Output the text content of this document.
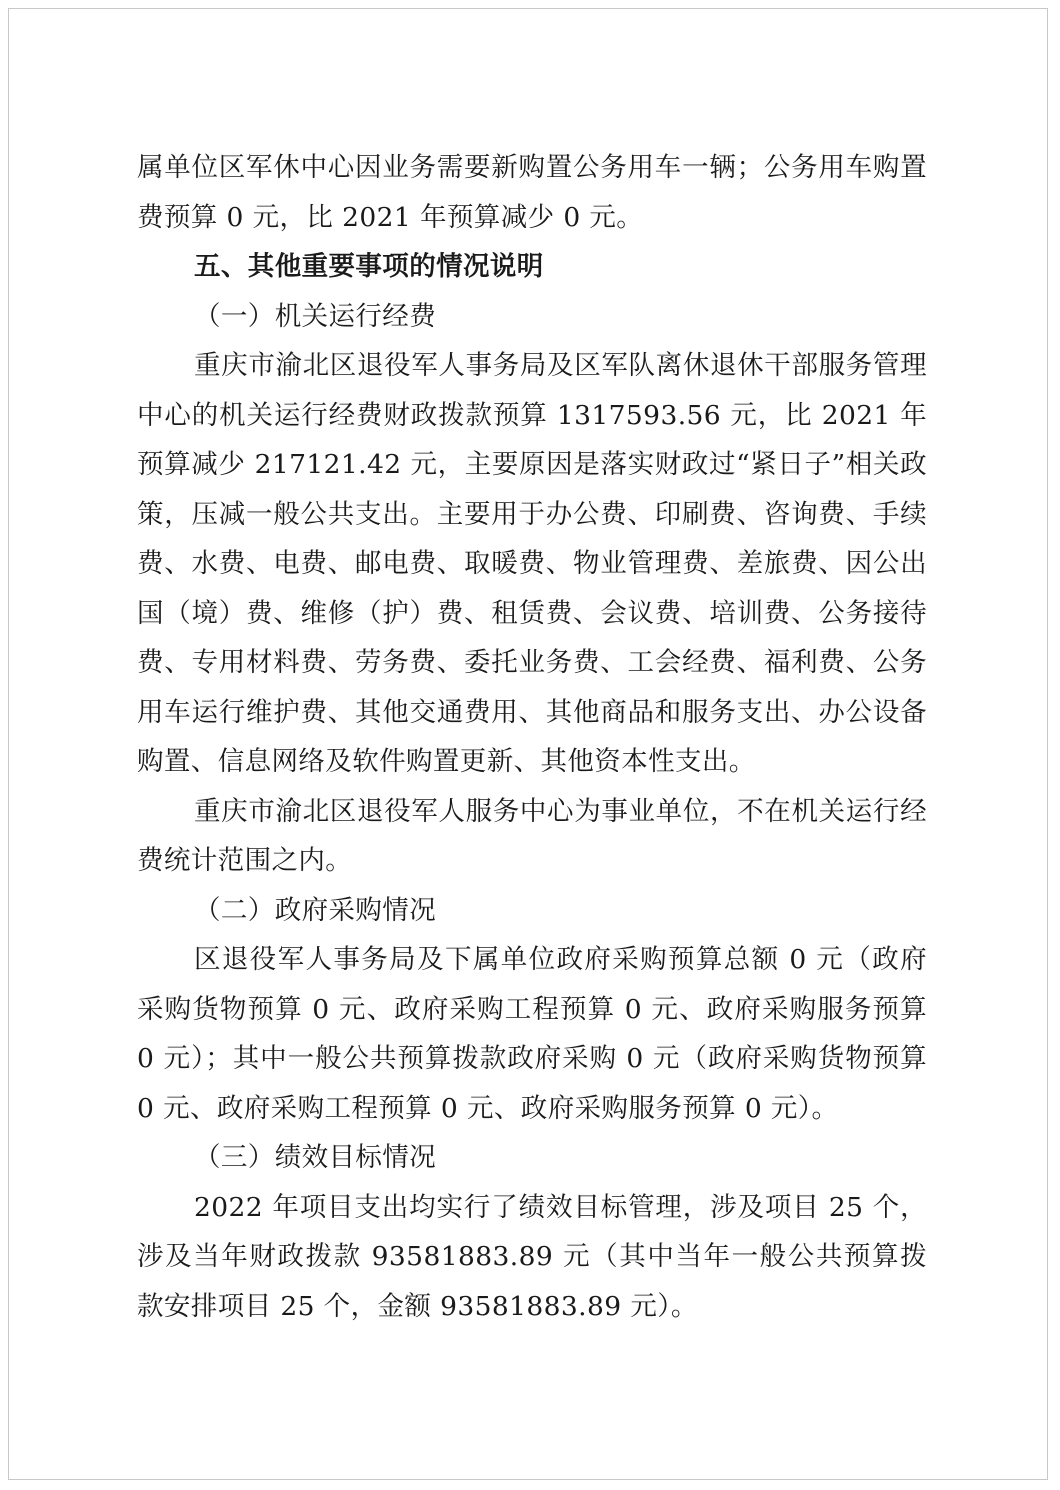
属单位区军休中心因业务需要新购置公务用车一辆；公务用车购置费预算 0 元，比 2021 年预算减少 0 元。

五、其他重要事项的情况说明

（一）机关运行经费

重庆市渝北区退役军人事务局及区军队离休退休干部服务管理中心的机关运行经费财政拨款预算 1317593.56 元，比 2021 年预算减少 217121.42 元，主要原因是落实财政过“紧日子”相关政策，压减一般公共支出。主要用于办公费、印刷费、咨询费、手续费、水费、电费、邮电费、取暖费、物业管理费、差旅费、因公出国（境）费、维修（护）费、租赁费、会议费、培训费、公务接待费、专用材料费、劳务费、委托业务费、工会经费、福利费、公务用车运行维护费、其他交通费用、其他商品和服务支出、办公设备购置、信息网络及软件购置更新、其他资本性支出。

重庆市渝北区退役军人服务中心为事业单位，不在机关运行经费统计范围之内。

（二）政府采购情况

区退役军人事务局及下属单位政府采购预算总额 0 元（政府采购货物预算 0 元、政府采购工程预算 0 元、政府采购服务预算 0 元）；其中一般公共预算拨款政府采购 0 元（政府采购货物预算 0 元、政府采购工程预算 0 元、政府采购服务预算 0 元）。

（三）绩效目标情况

2022 年项目支出均实行了绩效目标管理，涉及项目 25 个，涉及当年财政拨款 93581883.89 元（其中当年一般公共预算拨款安排项目 25 个，金额 93581883.89 元）。
